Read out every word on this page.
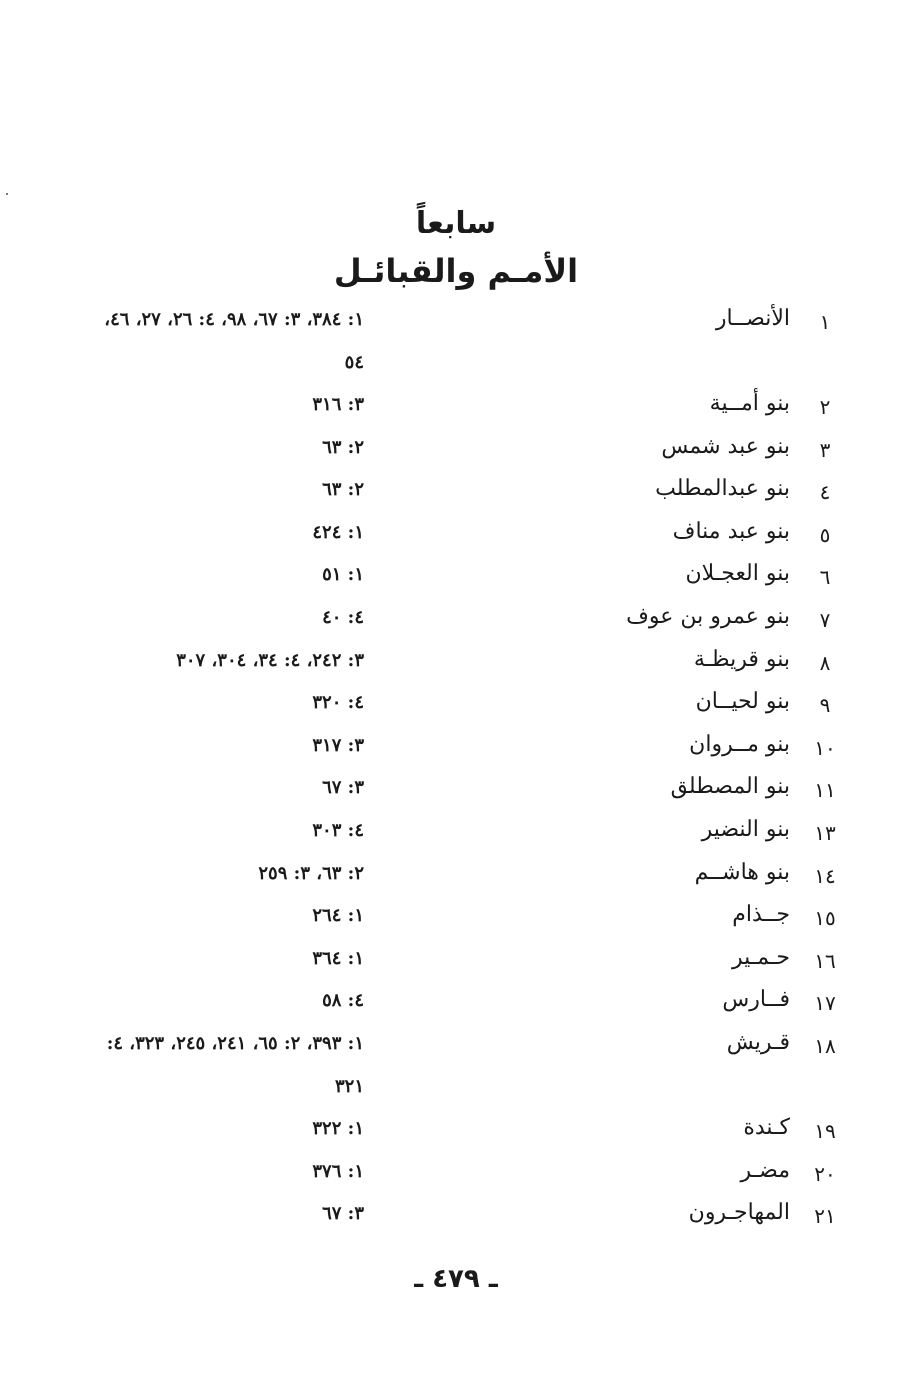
سابعاً
الأمـم والقبائـل
١
الأنصــار
١: ٣٨٤، ٣: ٦٧، ٩٨، ٤: ٢٦، ٢٧، ٤٦، ٥٤
٢
بنو أمــية
٣: ٣١٦
٣
بنو عبد شمس
٢: ٦٣
٤
بنو عبدالمطلب
٢: ٦٣
٥
بنو عبد مناف
١: ٤٢٤
٦
بنو العجـلان
١: ٥١
٧
بنو عمرو بن عوف
٤: ٤٠
٨
بنو قريظـة
٣: ٢٤٢، ٤: ٣٤، ٣٠٤، ٣٠٧
٩
بنو لحيــان
٤: ٣٢٠
١٠
بنو مــروان
٣: ٣١٧
١١
بنو المصطلق
٣: ٦٧
١٣
بنو النضير
٤: ٣٠٣
١٤
بنو هاشــم
٢: ٦٣، ٣: ٢٥٩
١٥
جــذام
١: ٢٦٤
١٦
حـمـير
١: ٣٦٤
١٧
فــارس
٤: ٥٨
١٨
قـريش
١: ٣٩٣، ٢: ٦٥، ٢٤١، ٢٤٥، ٣٢٣، ٤: ٣٢١
١٩
كـندة
١: ٣٢٢
٢٠
مضـر
١: ٣٧٦
٢١
المهاجـرون
٣: ٦٧
ـ ٤٧٩ ـ
